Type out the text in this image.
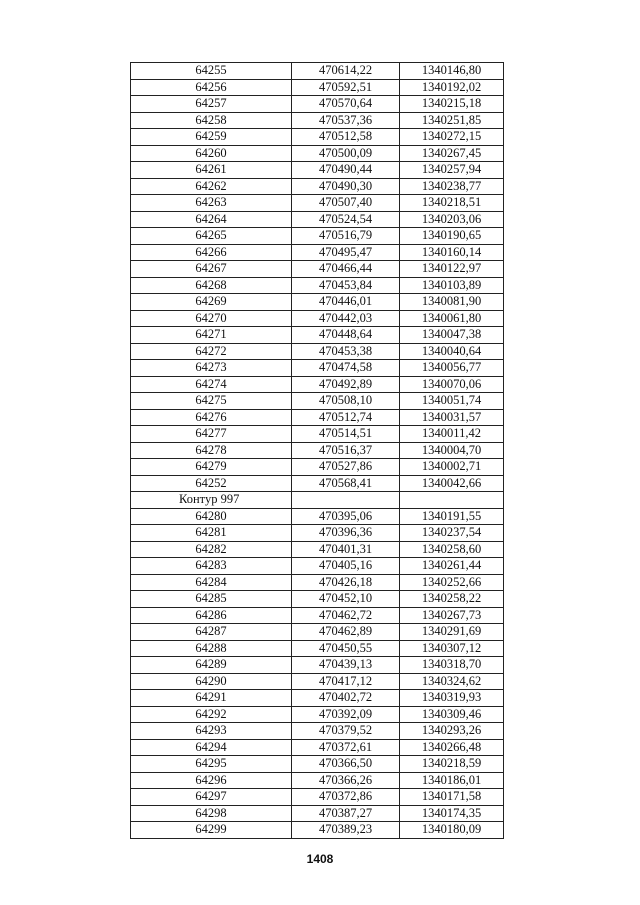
64255	470614,22	1340146,80
64256	470592,51	1340192,02
64257	470570,64	1340215,18
64258	470537,36	1340251,85
64259	470512,58	1340272,15
64260	470500,09	1340267,45
64261	470490,44	1340257,94
64262	470490,30	1340238,77
64263	470507,40	1340218,51
64264	470524,54	1340203,06
64265	470516,79	1340190,65
64266	470495,47	1340160,14
64267	470466,44	1340122,97
64268	470453,84	1340103,89
64269	470446,01	1340081,90
64270	470442,03	1340061,80
64271	470448,64	1340047,38
64272	470453,38	1340040,64
64273	470474,58	1340056,77
64274	470492,89	1340070,06
64275	470508,10	1340051,74
64276	470512,74	1340031,57
64277	470514,51	1340011,42
64278	470516,37	1340004,70
64279	470527,86	1340002,71
64252	470568,41	1340042,66
Контур 997		
64280	470395,06	1340191,55
64281	470396,36	1340237,54
64282	470401,31	1340258,60
64283	470405,16	1340261,44
64284	470426,18	1340252,66
64285	470452,10	1340258,22
64286	470462,72	1340267,73
64287	470462,89	1340291,69
64288	470450,55	1340307,12
64289	470439,13	1340318,70
64290	470417,12	1340324,62
64291	470402,72	1340319,93
64292	470392,09	1340309,46
64293	470379,52	1340293,26
64294	470372,61	1340266,48
64295	470366,50	1340218,59
64296	470366,26	1340186,01
64297	470372,86	1340171,58
64298	470387,27	1340174,35
64299	470389,23	1340180,09
1408
